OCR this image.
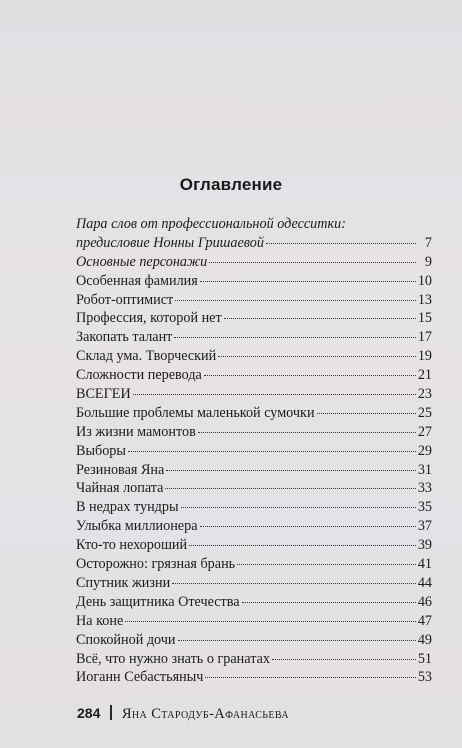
Оглавление
Пара слов от профессиональной одесситки:
предисловие Нонны Гришаевой	7
Основные персонажи	9
Особенная фамилия	10
Робот-оптимист	13
Профессия, которой нет	15
Закопать талант	17
Склад ума. Творческий	19
Сложности перевода	21
ВСЕГЕИ	23
Большие проблемы маленькой сумочки	25
Из жизни мамонтов	27
Выборы	29
Резиновая Яна	31
Чайная лопата	33
В недрах тундры	35
Улыбка миллионера	37
Кто-то нехороший	39
Осторожно: грязная брань	41
Спутник жизни	44
День защитника Отечества	46
На коне	47
Спокойной дочи	49
Всё, что нужно знать о гранатах	51
Иоганн Себастьяныч	53
284 Яна Стародуб-Афанасьева
